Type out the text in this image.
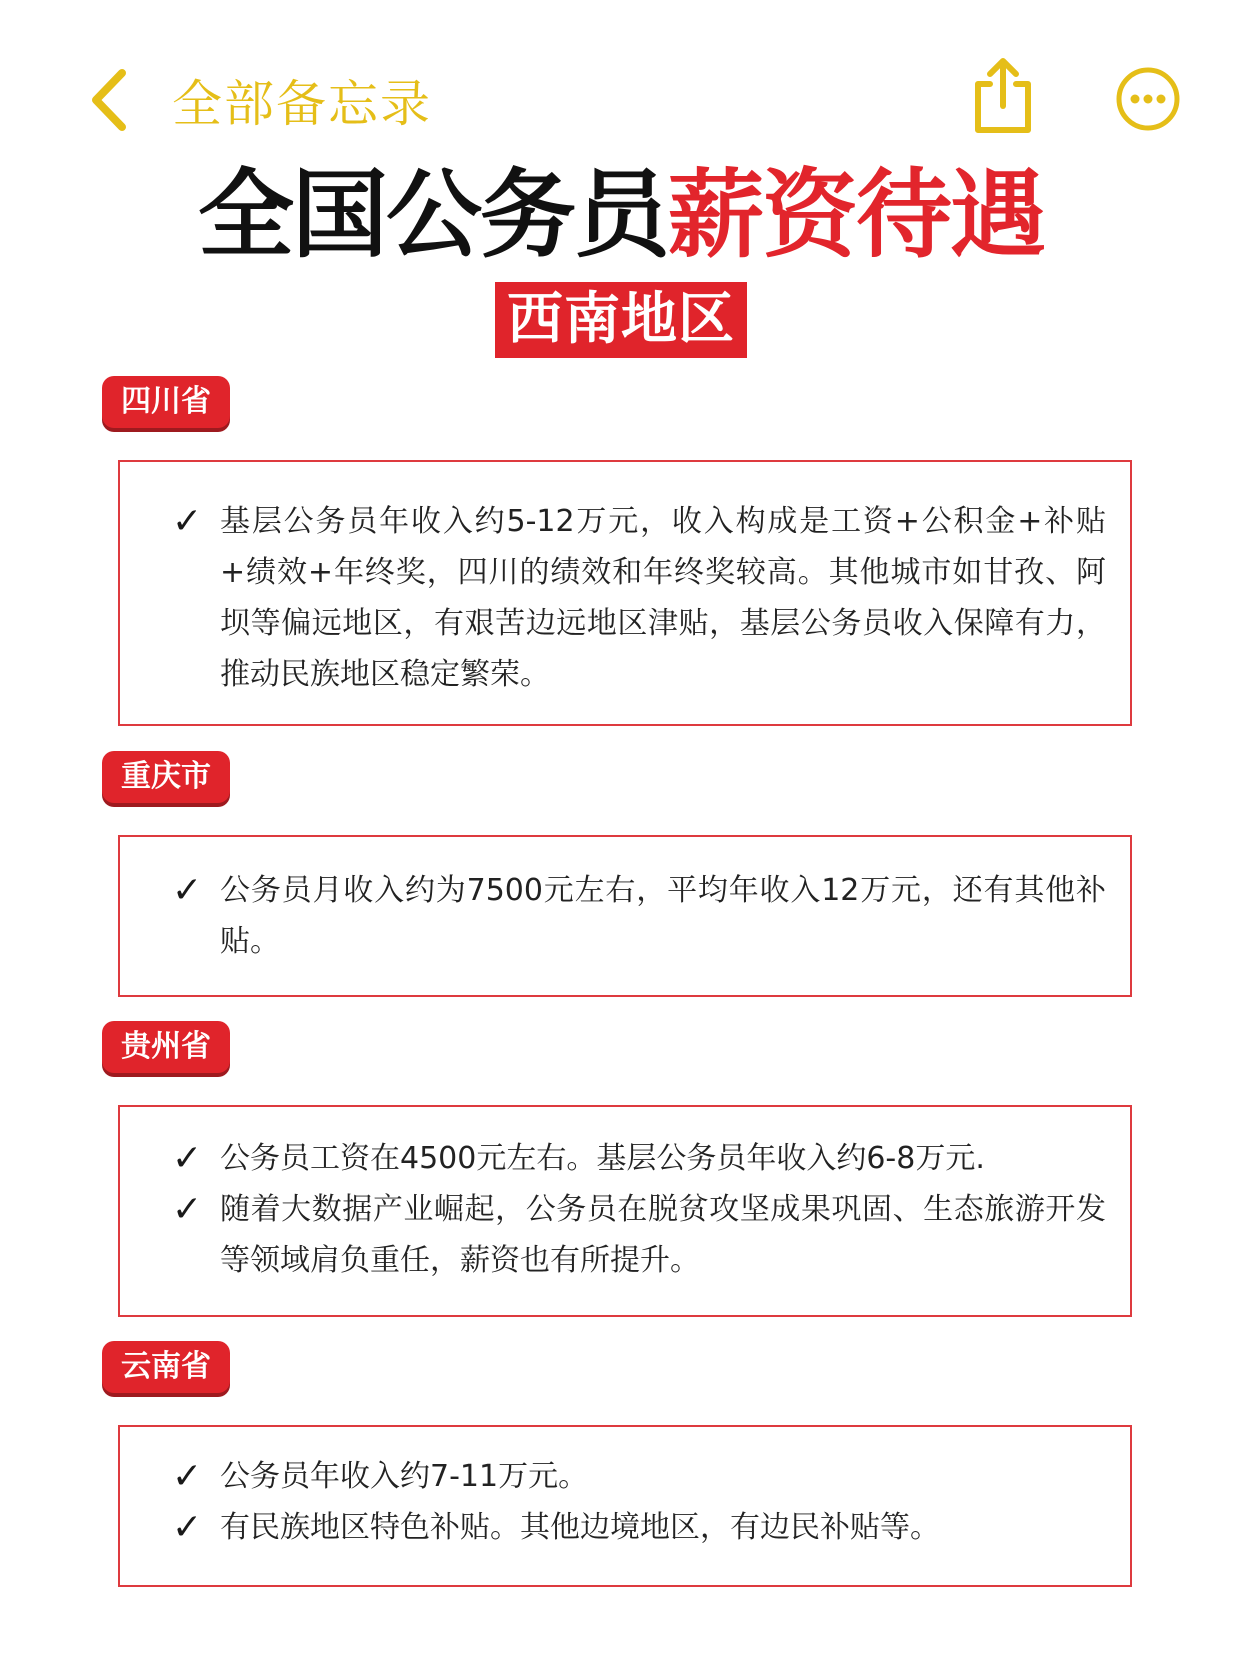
全部备忘录
全国公务员薪资待遇
西南地区
四川省
✓ 基层公务员年收入约5-12万元，收入构成是工资+公积金+补贴+绩效+年终奖，四川的绩效和年终奖较高。其他城市如甘孜、阿坝等偏远地区，有艰苦边远地区津贴，基层公务员收入保障有力，推动民族地区稳定繁荣。
重庆市
✓ 公务员月收入约为7500元左右，平均年收入12万元，还有其他补贴。
贵州省
✓ 公务员工资在4500元左右。基层公务员年收入约6-8万元.
✓ 随着大数据产业崛起，公务员在脱贫攻坚成果巩固、生态旅游开发等领域肩负重任，薪资也有所提升。
云南省
✓ 公务员年收入约7-11万元。
✓ 有民族地区特色补贴。其他边境地区，有边民补贴等。
